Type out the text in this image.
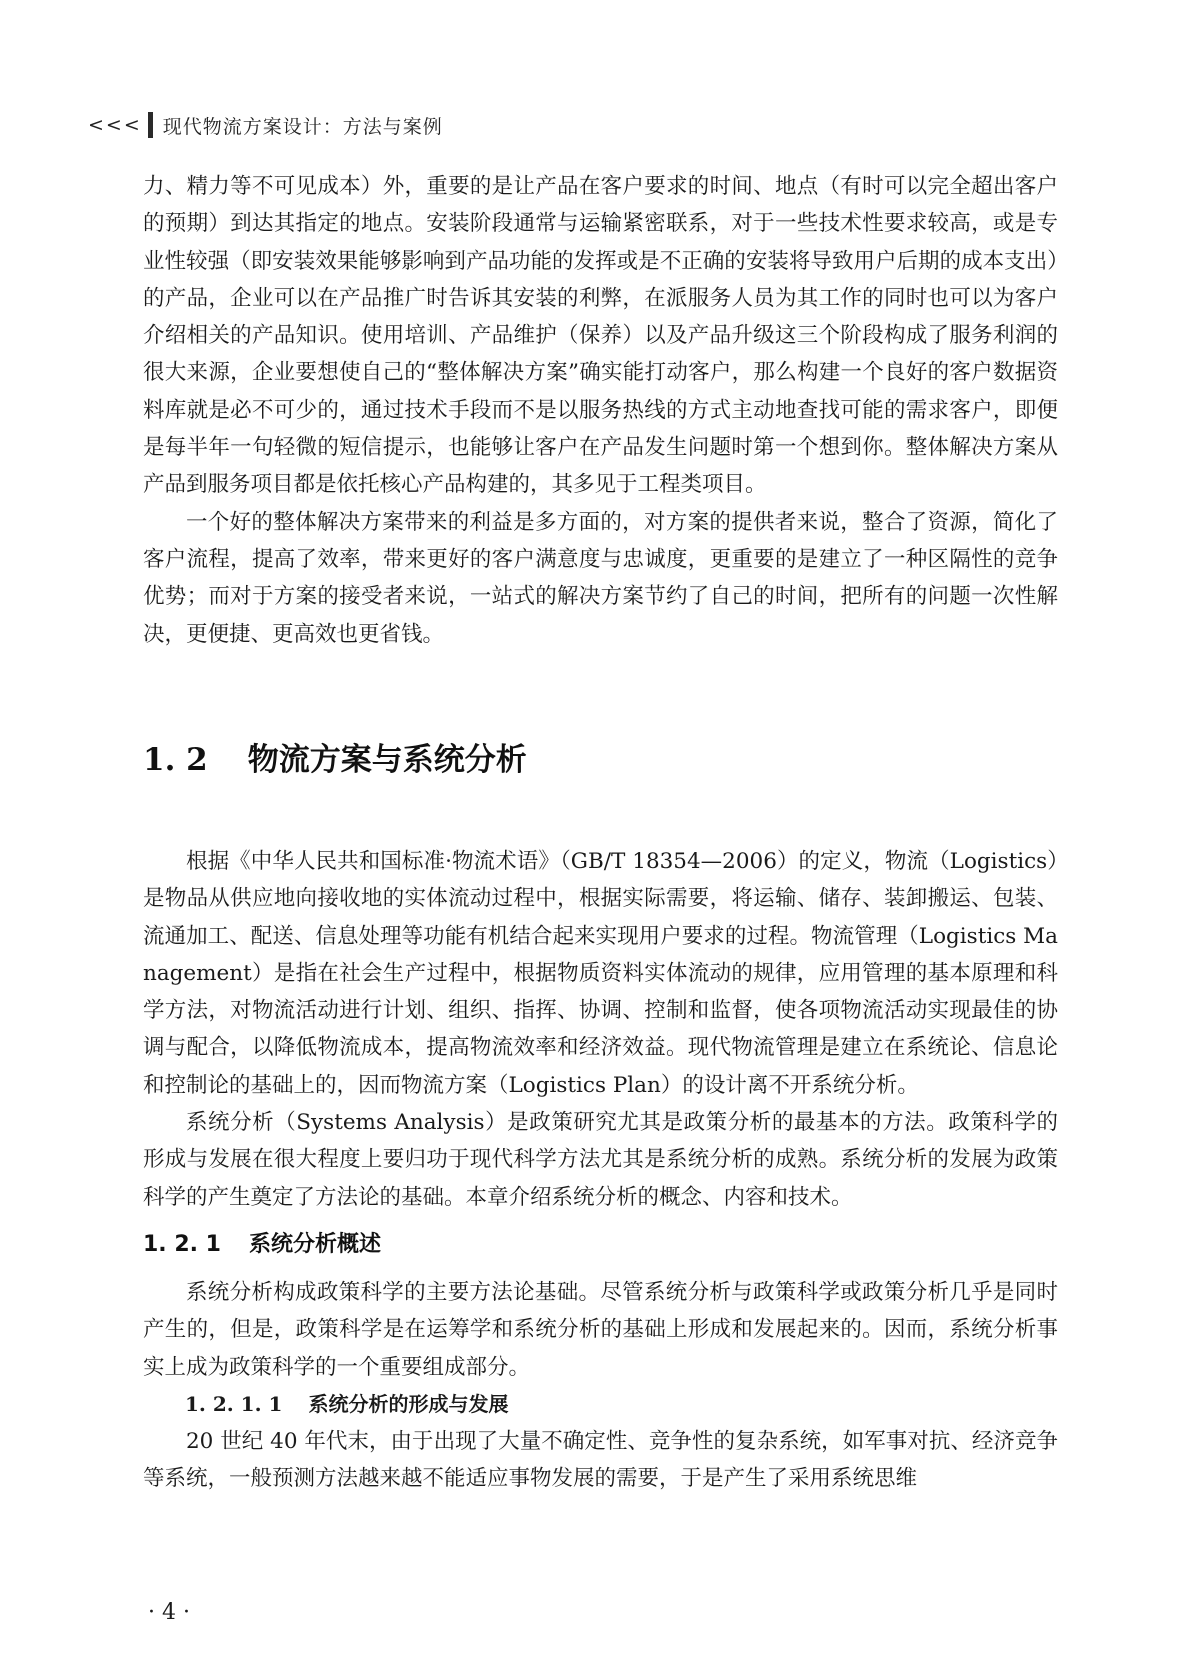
<<< 现代物流方案设计：方法与案例

力、精力等不可见成本）外，重要的是让产品在客户要求的时间、地点（有时可以完全超出客户的预期）到达其指定的地点。安装阶段通常与运输紧密联系，对于一些技术性要求较高，或是专业性较强（即安装效果能够影响到产品功能的发挥或是不正确的安装将导致用户后期的成本支出）的产品，企业可以在产品推广时告诉其安装的利弊，在派服务人员为其工作的同时也可以为客户介绍相关的产品知识。使用培训、产品维护（保养）以及产品升级这三个阶段构成了服务利润的很大来源，企业要想使自己的“整体解决方案”确实能打动客户，那么构建一个良好的客户数据资料库就是必不可少的，通过技术手段而不是以服务热线的方式主动地查找可能的需求客户，即便是每半年一句轻微的短信提示，也能够让客户在产品发生问题时第一个想到你。整体解决方案从产品到服务项目都是依托核心产品构建的，其多见于工程类项目。

一个好的整体解决方案带来的利益是多方面的，对方案的提供者来说，整合了资源，简化了客户流程，提高了效率，带来更好的客户满意度与忠诚度，更重要的是建立了一种区隔性的竞争优势；而对于方案的接受者来说，一站式的解决方案节约了自己的时间，把所有的问题一次性解决，更便捷、更高效也更省钱。

1. 2 物流方案与系统分析

根据《中华人民共和国标准·物流术语》（GB/T 18354—2006）的定义，物流（Logistics）是物品从供应地向接收地的实体流动过程中，根据实际需要，将运输、储存、装卸搬运、包装、流通加工、配送、信息处理等功能有机结合起来实现用户要求的过程。物流管理（Logistics Management）是指在社会生产过程中，根据物质资料实体流动的规律，应用管理的基本原理和科学方法，对物流活动进行计划、组织、指挥、协调、控制和监督，使各项物流活动实现最佳的协调与配合，以降低物流成本，提高物流效率和经济效益。现代物流管理是建立在系统论、信息论和控制论的基础上的，因而物流方案（Logistics Plan）的设计离不开系统分析。

系统分析（Systems Analysis）是政策研究尤其是政策分析的最基本的方法。政策科学的形成与发展在很大程度上要归功于现代科学方法尤其是系统分析的成熟。系统分析的发展为政策科学的产生奠定了方法论的基础。本章介绍系统分析的概念、内容和技术。

1. 2. 1 系统分析概述

系统分析构成政策科学的主要方法论基础。尽管系统分析与政策科学或政策分析几乎是同时产生的，但是，政策科学是在运筹学和系统分析的基础上形成和发展起来的。因而，系统分析事实上成为政策科学的一个重要组成部分。

1. 2. 1. 1 系统分析的形成与发展

20 世纪 40 年代末，由于出现了大量不确定性、竞争性的复杂系统，如军事对抗、经济竞争等系统，一般预测方法越来越不能适应事物发展的需要，于是产生了采用系统思维

· 4 ·
